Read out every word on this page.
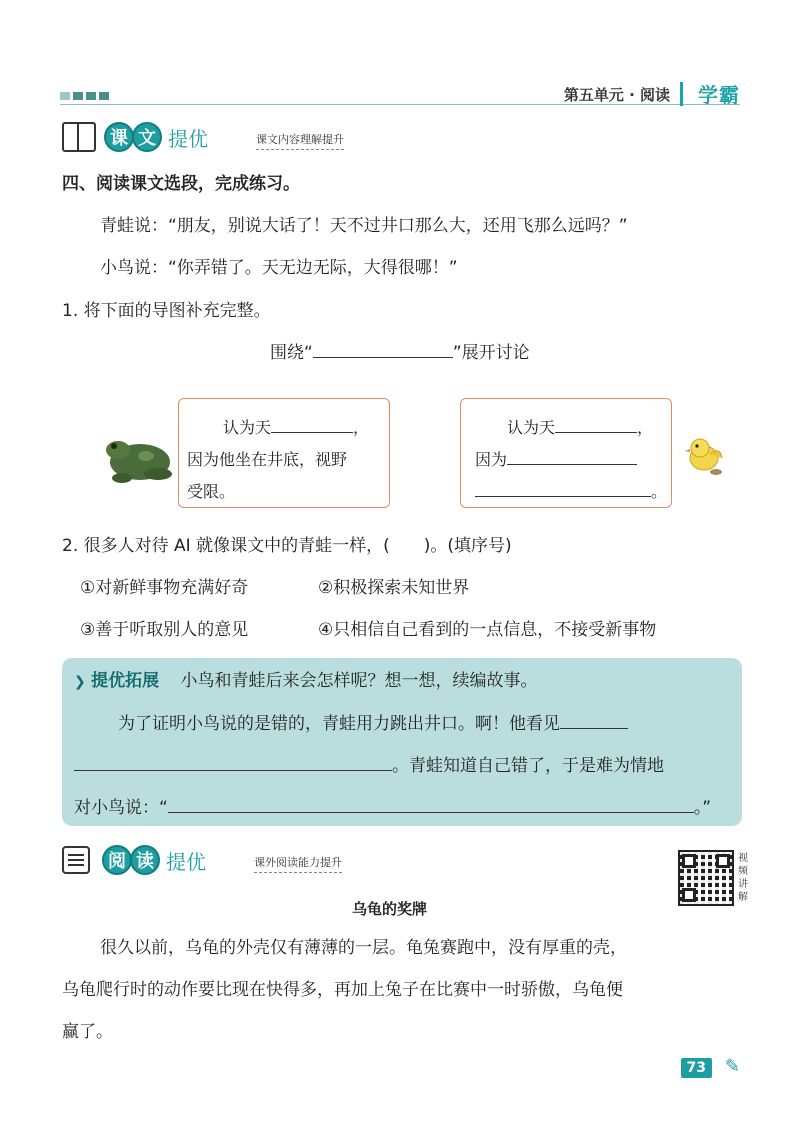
第五单元 · 阅读 学霸
课 文 提优	课文内容理解提升
四、阅读课文选段，完成练习。
青蛙说：“朋友，别说大话了！天不过井口那么大，还用飞那么远吗？”
小鸟说：“你弄错了。天无边无际，大得很哪！”
1. 将下面的导图补充完整。
围绕“	”展开讨论
认为天	，
因为他坐在井底，视野
受限。
认为天	，
因为
。
2. 很多人对待 AI 就像课文中的青蛙一样，( )。(填序号)
①对新鲜事物充满好奇	②积极探索未知世界
③善于听取别人的意见	④只相信自己看到的一点信息，不接受新事物
❯ 提优拓展 小鸟和青蛙后来会怎样呢？想一想，续编故事。
为了证明小鸟说的是错的，青蛙用力跳出井口。啊！他看见
。青蛙知道自己错了，于是难为情地
对小鸟说：“	。”
阅 读 提优	课外阅读能力提升	视频讲解
乌龟的奖牌
很久以前，乌龟的外壳仅有薄薄的一层。龟兔赛跑中，没有厚重的壳，
乌龟爬行时的动作要比现在快得多，再加上兔子在比赛中一时骄傲，乌龟便
赢了。
73	✎
